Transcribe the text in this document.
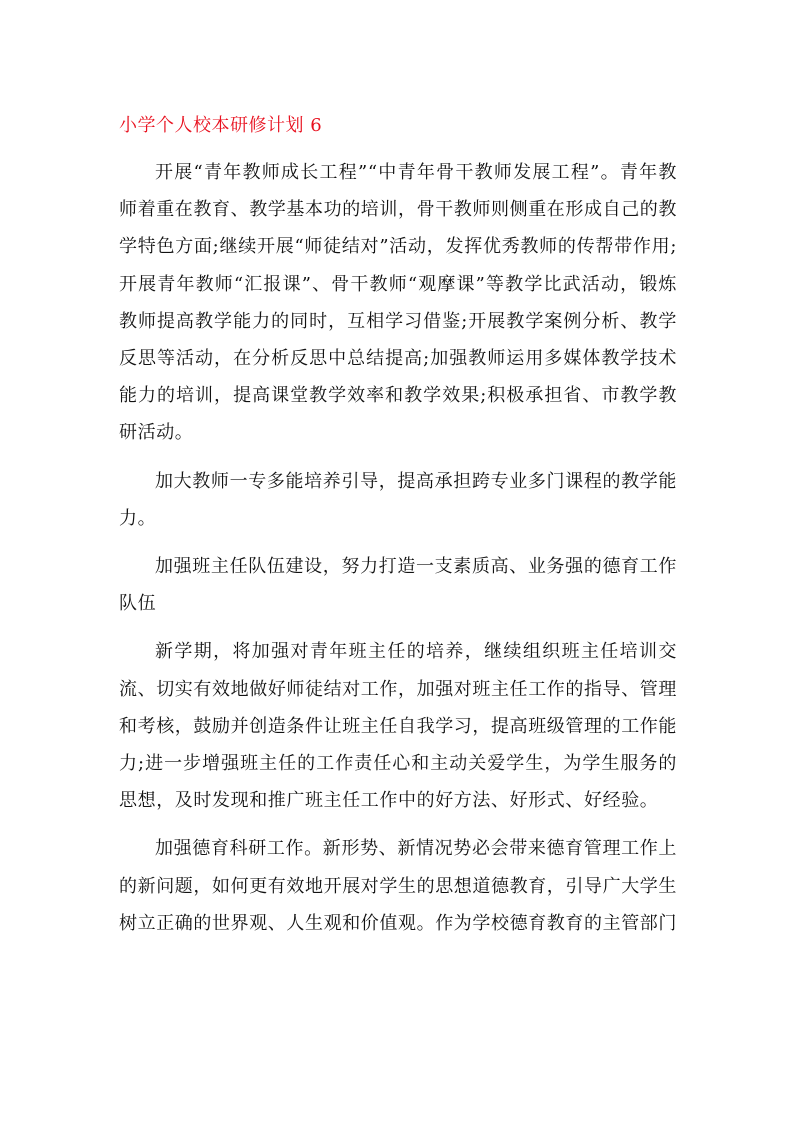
小学个人校本研修计划 6

开展“青年教师成长工程”“中青年骨干教师发展工程”。青年教师着重在教育、教学基本功的培训，骨干教师则侧重在形成自己的教学特色方面;继续开展“师徒结对”活动，发挥优秀教师的传帮带作用;开展青年教师“汇报课”、骨干教师“观摩课”等教学比武活动，锻炼教师提高教学能力的同时，互相学习借鉴;开展教学案例分析、教学反思等活动，在分析反思中总结提高;加强教师运用多媒体教学技术能力的培训，提高课堂教学效率和教学效果;积极承担省、市教学教研活动。

加大教师一专多能培养引导，提高承担跨专业多门课程的教学能力。

加强班主任队伍建设，努力打造一支素质高、业务强的德育工作队伍

新学期，将加强对青年班主任的培养，继续组织班主任培训交流、切实有效地做好师徒结对工作，加强对班主任工作的指导、管理和考核，鼓励并创造条件让班主任自我学习，提高班级管理的工作能力;进一步增强班主任的工作责任心和主动关爱学生，为学生服务的思想，及时发现和推广班主任工作中的好方法、好形式、好经验。

加强德育科研工作。新形势、新情况势必会带来德育管理工作上的新问题，如何更有效地开展对学生的思想道德教育，引导广大学生树立正确的世界观、人生观和价值观。作为学校德育教育的主管部门
